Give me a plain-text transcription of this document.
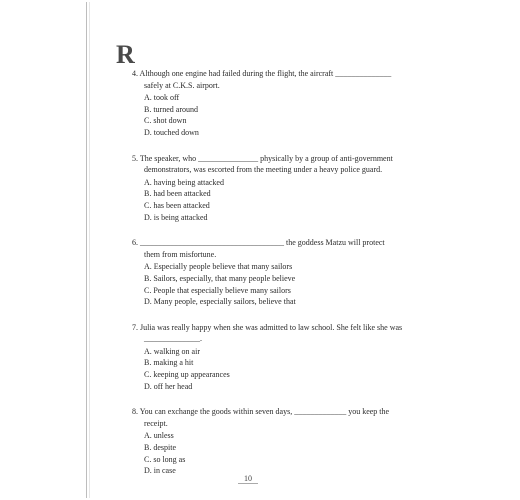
R

4. Although one engine had failed during the flight, the aircraft ______________

safely at C.K.S. airport.

A. took off

B. turned around

C. shot down

D. touched down

5. The speaker, who _______________ physically by a group of anti-government

demonstrators, was escorted from the meeting under a heavy police guard.

A. having being attacked

B. had been attacked

C. has been attacked

D. is being attacked

6. ____________________________________ the goddess Matzu will protect

them from misfortune.

A. Especially people believe that many sailors

B. Sailors, especially, that many people believe

C. People that especially believe many sailors

D. Many people, especially sailors, believe that

7. Julia was really happy when she was admitted to law school. She felt like she was

______________.

A. walking on air

B. making a hit

C. keeping up appearances

D. off her head

8. You can exchange the goods within seven days, _____________ you keep the

receipt.

A. unless

B. despite

C. so long as

D. in case

10
